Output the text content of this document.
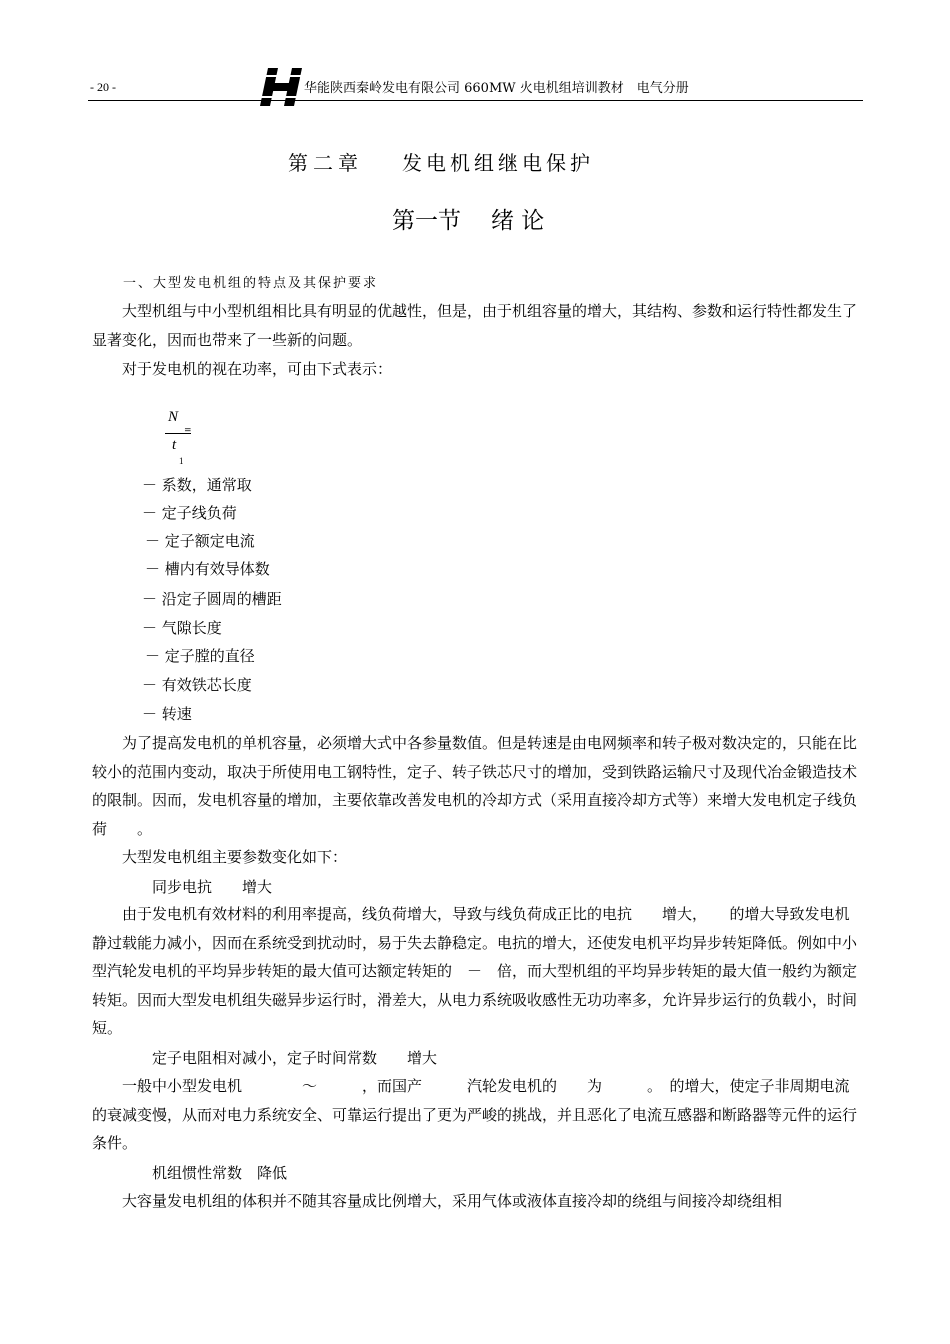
- 20 -	华能陕西秦岭发电有限公司 660MW 火电机组培训教材　电气分册
第二章 发电机组继电保护
第一节 绪 论
一、大型发电机组的特点及其保护要求
大型机组与中小型机组相比具有明显的优越性，但是，由于机组容量的增大，其结构、参数和运行特性都发生了显著变化，因而也带来了一些新的问题。
对于发电机的视在功率，可由下式表示：
N
=
t
1
－ 系数，通常取
－ 定子线负荷
－ 定子额定电流
－ 槽内有效导体数
－ 沿定子圆周的槽距
－ 气隙长度
－ 定子膛的直径
－ 有效铁芯长度
－ 转速
为了提高发电机的单机容量，必须增大式中各参量数值。但是转速是由电网频率和转子极对数决定的，只能在比较小的范围内变动，取决于所使用电工钢特性，定子、转子铁芯尺寸的增加，受到铁路运输尺寸及现代冶金锻造技术的限制。因而，发电机容量的增加，主要依靠改善发电机的冷却方式（采用直接冷却方式等）来增大发电机定子线负荷　　。
大型发电机组主要参数变化如下：
同步电抗　　增大
由于发电机有效材料的利用率提高，线负荷增大，导致与线负荷成正比的电抗　　增大，　　的增大导致发电机静过载能力减小，因而在系统受到扰动时，易于失去静稳定。电抗的增大，还使发电机平均异步转矩降低。例如中小型汽轮发电机的平均异步转矩的最大值可达额定转矩的　－　倍，而大型机组的平均异步转矩的最大值一般约为额定转矩。因而大型发电机组失磁异步运行时，滑差大，从电力系统吸收感性无功功率多，允许异步运行的负载小，时间短。
定子电阻相对减小，定子时间常数　　增大
一般中小型发电机　　　　～　　　，而国产　　　汽轮发电机的　　为　　　。　的增大，使定子非周期电流的衰减变慢，从而对电力系统安全、可靠运行提出了更为严峻的挑战，并且恶化了电流互感器和断路器等元件的运行条件。
机组惯性常数　降低
大容量发电机组的体积并不随其容量成比例增大，采用气体或液体直接冷却的绕组与间接冷却绕组相
